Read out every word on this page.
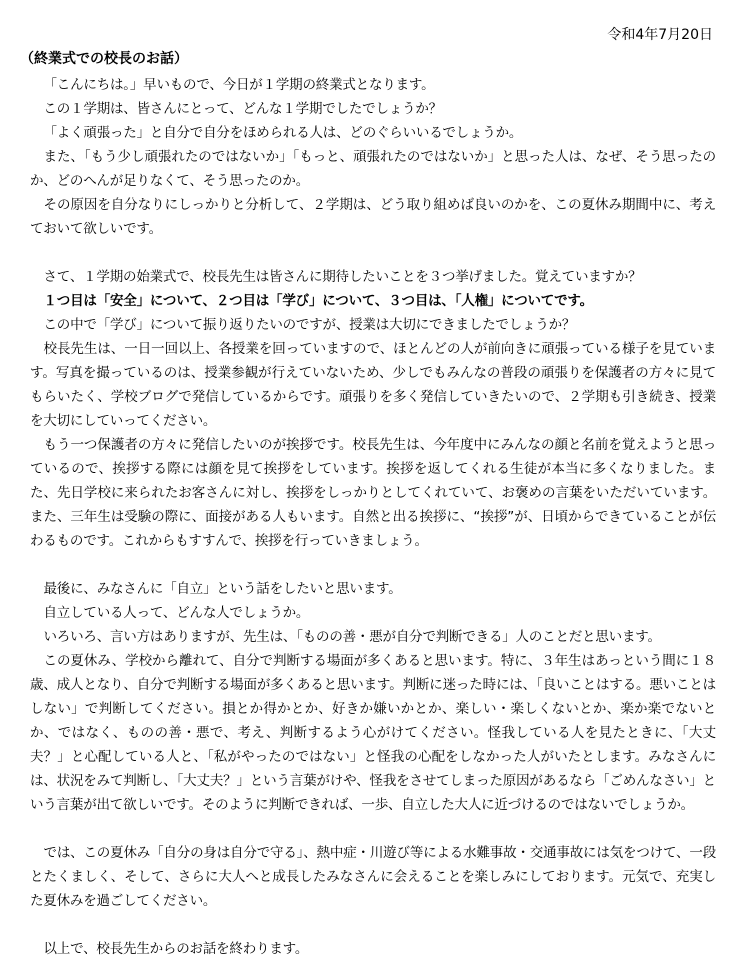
令和4年7月20日
（終業式での校長のお話）

「こんにちは。」早いもので、今日が１学期の終業式となります。

この１学期は、皆さんにとって、どんな１学期でしたでしょうか？

「よく頑張った」と自分で自分をほめられる人は、どのぐらいいるでしょうか。

また、「もう少し頑張れたのではないか」「もっと、頑張れたのではないか」と思った人は、なぜ、そう思ったのか、どのへんが足りなくて、そう思ったのか。

その原因を自分なりにしっかりと分析して、２学期は、どう取り組めば良いのかを、この夏休み期間中に、考えておいて欲しいです。

さて、１学期の始業式で、校長先生は皆さんに期待したいことを３つ挙げました。覚えていますか？

１つ目は「安全」について、２つ目は「学び」について、３つ目は、「人権」についてです。

この中で「学び」について振り返りたいのですが、授業は大切にできましたでしょうか？

校長先生は、一日一回以上、各授業を回っていますので、ほとんどの人が前向きに頑張っている様子を見ています。写真を撮っているのは、授業参観が行えていないため、少しでもみんなの普段の頑張りを保護者の方々に見てもらいたく、学校ブログで発信しているからです。頑張りを多く発信していきたいので、２学期も引き続き、授業を大切にしていってください。

もう一つ保護者の方々に発信したいのが挨拶です。校長先生は、今年度中にみんなの顔と名前を覚えようと思っているので、挨拶する際には顔を見て挨拶をしています。挨拶を返してくれる生徒が本当に多くなりました。また、先日学校に来られたお客さんに対し、挨拶をしっかりとしてくれていて、お褒めの言葉をいただいています。また、三年生は受験の際に、面接がある人もいます。自然と出る挨拶に、“挨拶”が、日頃からできていることが伝わるものです。これからもすすんで、挨拶を行っていきましょう。

最後に、みなさんに「自立」という話をしたいと思います。

自立している人って、どんな人でしょうか。

いろいろ、言い方はありますが、先生は、「ものの善・悪が自分で判断できる」人のことだと思います。

この夏休み、学校から離れて、自分で判断する場面が多くあると思います。特に、３年生はあっという間に１８歳、成人となり、自分で判断する場面が多くあると思います。判断に迷った時には、「良いことはする。悪いことはしない」で判断してください。損とか得かとか、好きか嫌いかとか、楽しい・楽しくないとか、楽か楽でないとか、ではなく、ものの善・悪で、考え、判断するよう心がけてください。怪我している人を見たときに、「大丈夫？」と心配している人と、「私がやったのではない」と怪我の心配をしなかった人がいたとします。みなさんには、状況をみて判断し、「大丈夫？」という言葉がけや、怪我をさせてしまった原因があるなら「ごめんなさい」という言葉が出て欲しいです。そのように判断できれば、一歩、自立した大人に近づけるのではないでしょうか。

では、この夏休み「自分の身は自分で守る」、熱中症・川遊び等による水難事故・交通事故には気をつけて、一段とたくましく、そして、さらに大人へと成長したみなさんに会えることを楽しみにしております。元気で、充実した夏休みを過ごしてください。

以上で、校長先生からのお話を終わります。
